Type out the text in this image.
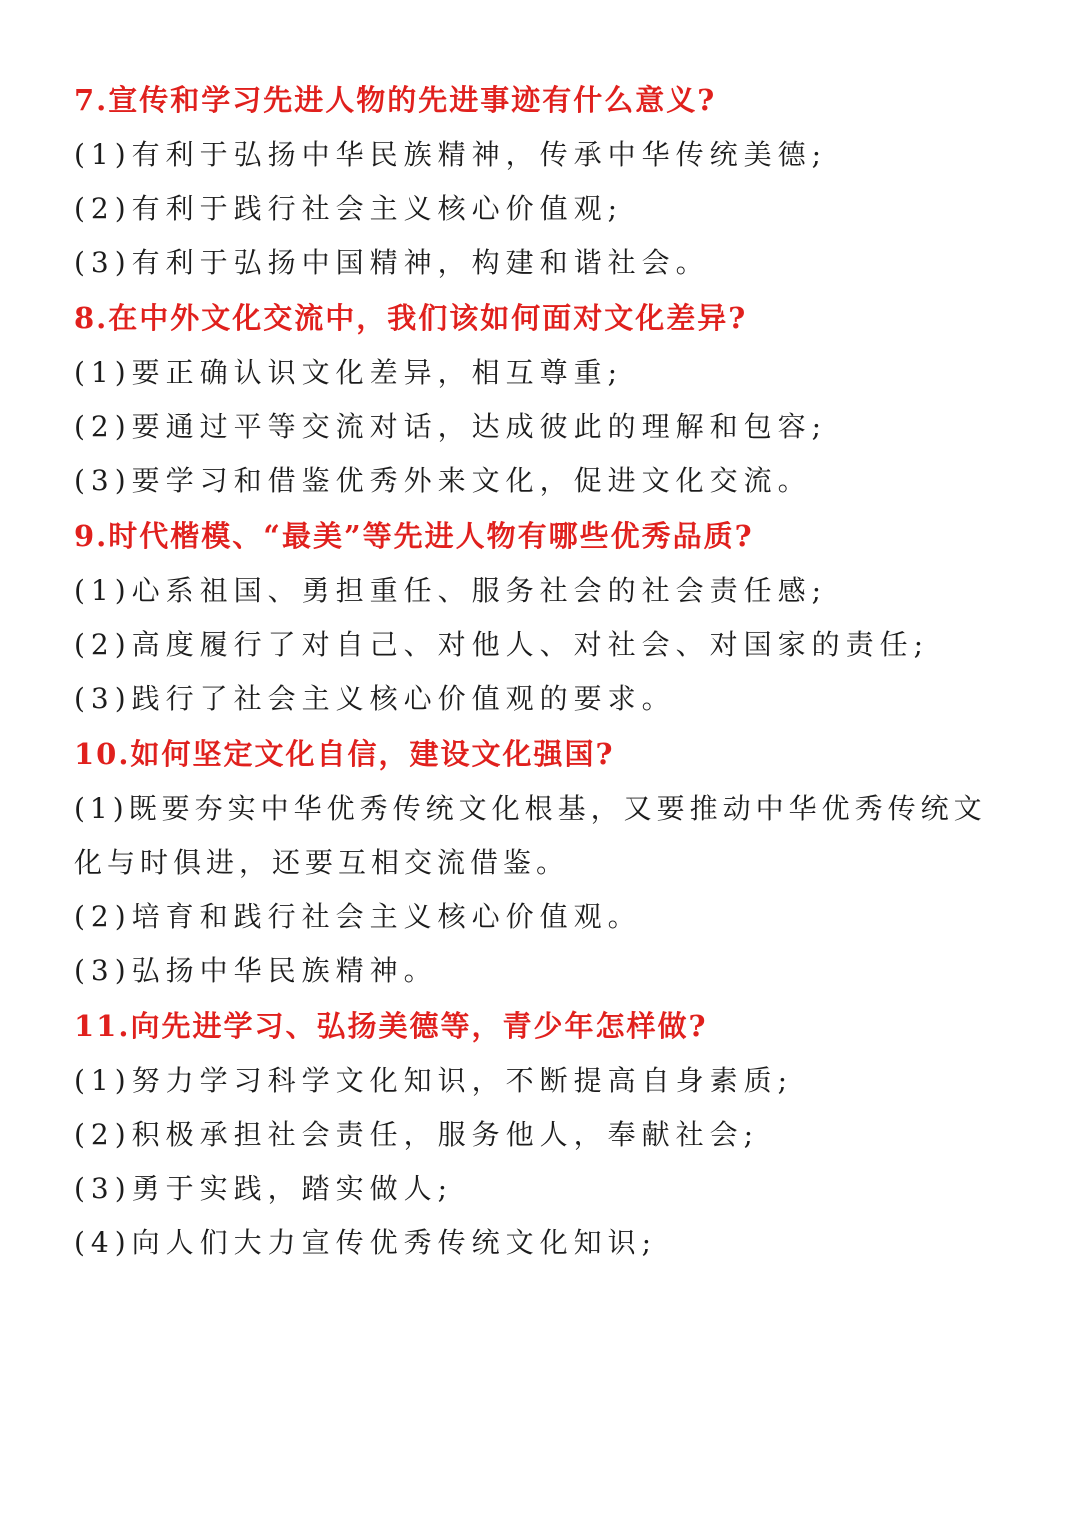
7.宣传和学习先进人物的先进事迹有什么意义?

(1)有利于弘扬中华民族精神，传承中华传统美德;

(2)有利于践行社会主义核心价值观;

(3)有利于弘扬中国精神，构建和谐社会。

8.在中外文化交流中，我们该如何面对文化差异?

(1)要正确认识文化差异，相互尊重;

(2)要通过平等交流对话，达成彼此的理解和包容;

(3)要学习和借鉴优秀外来文化，促进文化交流。

9.时代楷模、“最美”等先进人物有哪些优秀品质?

(1)心系祖国、勇担重任、服务社会的社会责任感;

(2)高度履行了对自己、对他人、对社会、对国家的责任;

(3)践行了社会主义核心价值观的要求。

10.如何坚定文化自信，建设文化强国?

(1)既要夯实中华优秀传统文化根基，又要推动中华优秀传统文化与时俱进，还要互相交流借鉴。

(2)培育和践行社会主义核心价值观。

(3)弘扬中华民族精神。

11.向先进学习、弘扬美德等，青少年怎样做?

(1)努力学习科学文化知识，不断提高自身素质;

(2)积极承担社会责任，服务他人，奉献社会;

(3)勇于实践，踏实做人;

(4)向人们大力宣传优秀传统文化知识;
